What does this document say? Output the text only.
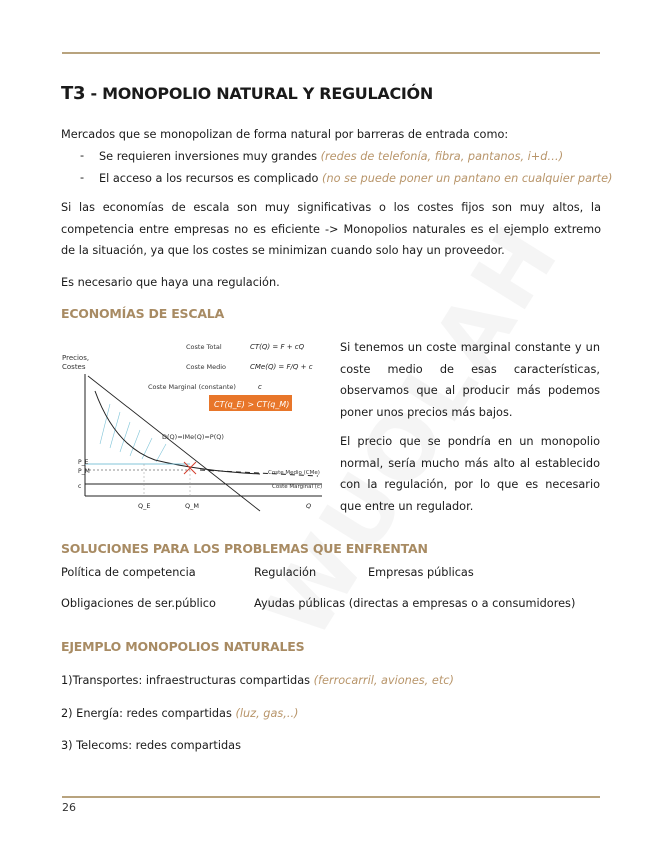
T3 - MONOPOLIO NATURAL Y REGULACIÓN
Mercados que se monopolizan de forma natural por barreras de entrada como:
- Se requieren inversiones muy grandes (redes de telefonía, fibra, pantanos, i+d…)
- El acceso a los recursos es complicado (no se puede poner un pantano en cualquier parte)

Si las economías de escala son muy significativas o los costes fijos son muy altos, la competencia entre empresas no es eficiente -> Monopolios naturales es el ejemplo extremo de la situación, ya que los costes se minimizan cuando solo hay un proveedor.

Es necesario que haya una regulación.
ECONOMÍAS DE ESCALA
Precios,
Costes
Coste Total	CT(Q) = F + cQ
Coste Medio	CMe(Q) = F/Q + c
Coste Marginal (constante)	c
CT(q_E) > CT(q_M)
D(Q)=IMe(Q)=P(Q)
Coste Medio (CMe)
Coste Marginal (c)
P_E
P_M
c
Q_E	Q_M	Q

Si tenemos un coste marginal constante y un coste medio de esas características, observamos que al producir más podemos poner unos precios más bajos.

El precio que se pondría en un monopolio normal, sería mucho más alto al establecido con la regulación, por lo que es necesario que entre un regulador.

SOLUCIONES PARA LOS PROBLEMAS QUE ENFRENTAN
Política de competencia	Regulación	Empresas públicas
Obligaciones de ser.público	Ayudas públicas (directas a empresas o a consumidores)
EJEMPLO MONOPOLIOS NATURALES
1)Transportes: infraestructuras compartidas (ferrocarril, aviones, etc)
2) Energía: redes compartidas (luz, gas,..)
3) Telecoms: redes compartidas
26
